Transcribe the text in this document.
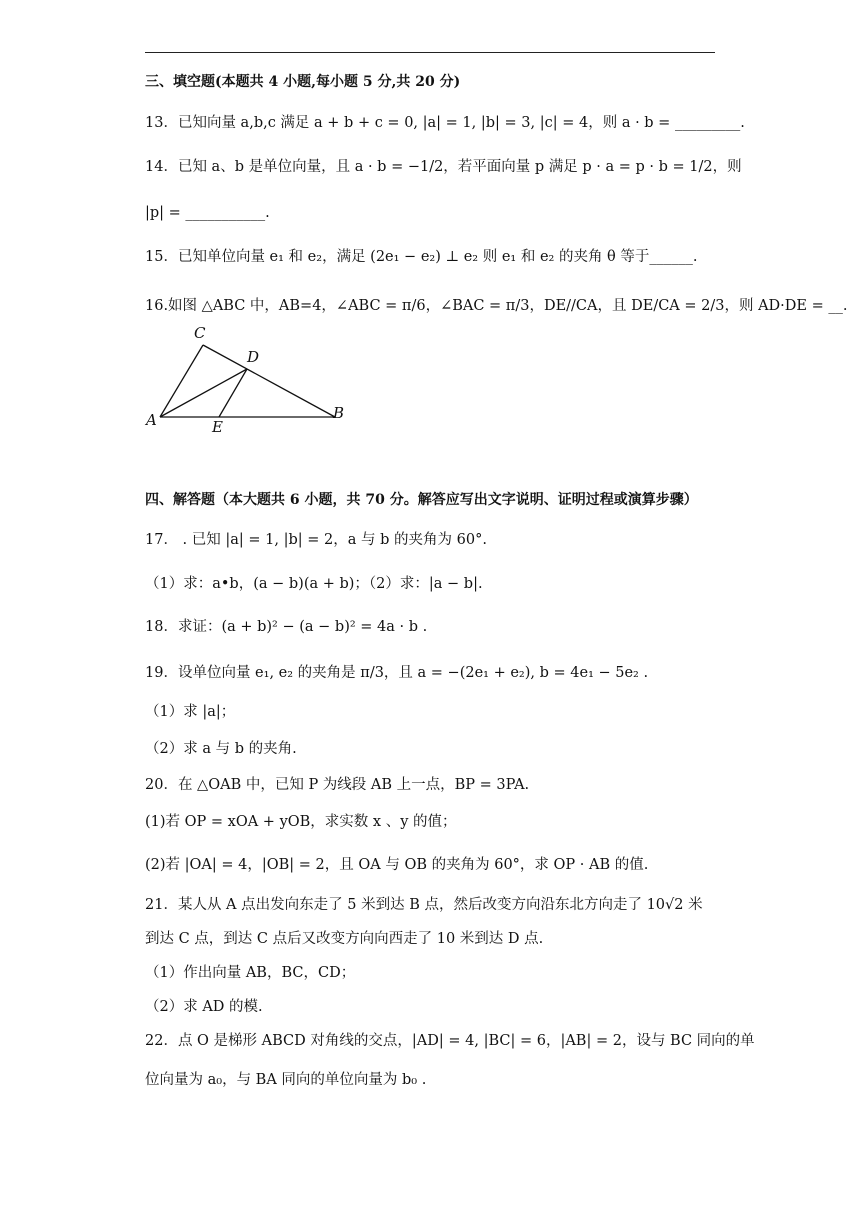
三、填空题(本题共 4 小题,每小题 5 分,共 20 分)
13．已知向量 a,b,c 满足 a + b + c = 0, |a| = 1, |b| = 3, |c| = 4，则 a · b = _________.
14．已知 a、b 是单位向量，且 a · b = −1/2，若平面向量 p 满足 p · a = p · b = 1/2，则
|p| = ___________.
15．已知单位向量 e₁ 和 e₂，满足 (2e₁ − e₂) ⊥ e₂ 则 e₁ 和 e₂ 的夹角 θ 等于______.
16.如图 △ABC 中，AB=4，∠ABC = π/6，∠BAC = π/3，DE//CA，且 DE/CA = 2/3，则 AD·DE = __.
C
D
A	E
B
四、解答题（本大题共 6 小题，共 70 分。解答应写出文字说明、证明过程或演算步骤）
17． . 已知 |a| = 1, |b| = 2，a 与 b 的夹角为 60°.
（1）求：a•b，(a − b)(a + b)；（2）求：|a − b|.
18．求证：(a + b)² − (a − b)² = 4a · b .
19．设单位向量 e₁, e₂ 的夹角是 π/3，且 a = −(2e₁ + e₂), b = 4e₁ − 5e₂ .
（1）求 |a|；
（2）求 a 与 b 的夹角.
20．在 △OAB 中，已知 P 为线段 AB 上一点，BP = 3PA.
(1)若 OP = xOA + yOB，求实数 x 、y 的值；
(2)若 |OA| = 4，|OB| = 2，且 OA 与 OB 的夹角为 60°，求 OP · AB 的值.
21．某人从 A 点出发向东走了 5 米到达 B 点，然后改变方向沿东北方向走了 10√2 米
到达 C 点，到达 C 点后又改变方向向西走了 10 米到达 D 点.
（1）作出向量 AB，BC，CD；
（2）求 AD 的模.
22．点 O 是梯形 ABCD 对角线的交点，|AD| = 4, |BC| = 6，|AB| = 2，设与 BC 同向的单
位向量为 a₀，与 BA 同向的单位向量为 b₀ .
